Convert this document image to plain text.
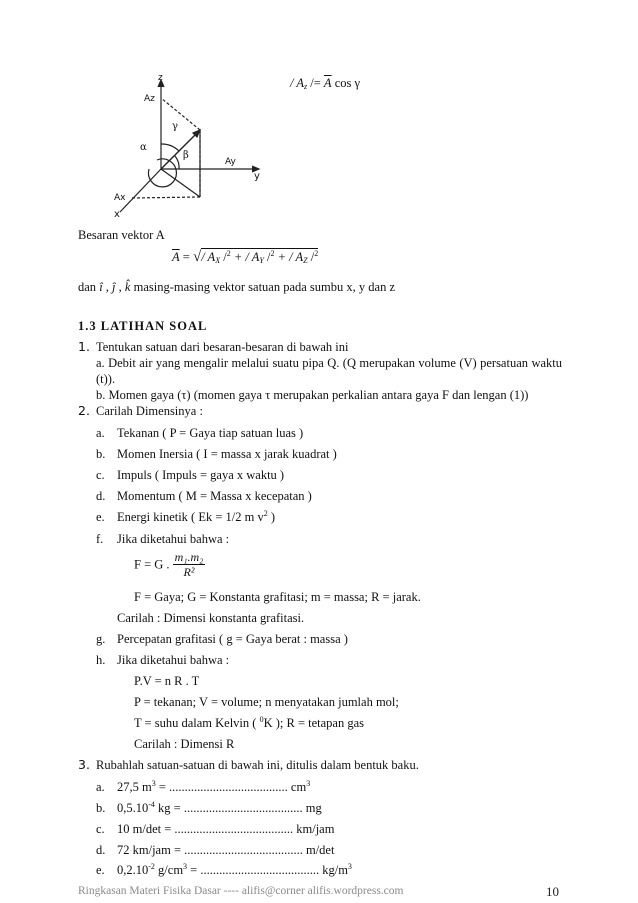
z
Az
γ
α
β
Ay
y
Ax
x
/ $A_z /= \overline{A}$ cos γ
Besaran vektor A
$\overline{A}$ = √/ $A_X$ /$^2$ + / $A_Y$ /$^2$ + / $A_Z$ /$^2$
dan î , ĵ , k̂ masing-masing vektor satuan pada sumbu x, y dan z
1.3 LATIHAN SOAL
1. Tentukan satuan dari besaran-besaran di bawah ini
a. Debit air yang mengalir melalui suatu pipa Q. (Q merupakan volume (V) persatuan waktu (t)).
b. Momen gaya (τ) (momen gaya τ merupakan perkalian antara gaya F dan lengan (1))
2. Carilah Dimensinya :
a. Tekanan ( P = Gaya tiap satuan luas )
b. Momen Inersia ( I = massa x jarak kuadrat )
c. Impuls ( Impuls = gaya x waktu )
d. Momentum ( M = Massa x kecepatan )
e. Energi kinetik ( Ek = 1/2 m $v^2$ )
f. Jika diketahui bahwa :
F = G . $\frac{\text{m₁.m₂}}{\text{R²}}$
F = Gaya; G = Konstanta grafitasi; m = massa; R = jarak.
Carilah : Dimensi konstanta grafitasi.
g. Percepatan grafitasi ( g = Gaya berat : massa )
h. Jika diketahui bahwa :
P.V = n R . T
P = tekanan; V = volume; n menyatakan jumlah mol;
T = suhu dalam Kelvin ( $^0$K ); R = tetapan gas
Carilah : Dimensi R
3. Rubahlah satuan-satuan di bawah ini, ditulis dalam bentuk baku.
a. 27,5 $m^3$ = ...................................... $cm^3$
b. $0,5.10^{-4}$ kg = ...................................... mg
c. 10 m/det = ...................................... km/jam
d. 72 km/jam = ...................................... m/det
e. $0,2.10^{-2}$ $g/cm^3$ = ...................................... $kg/m^3$
Ringkasan Materi Fisika Dasar ---- alifis@corner alifis.wordpress.com	10
